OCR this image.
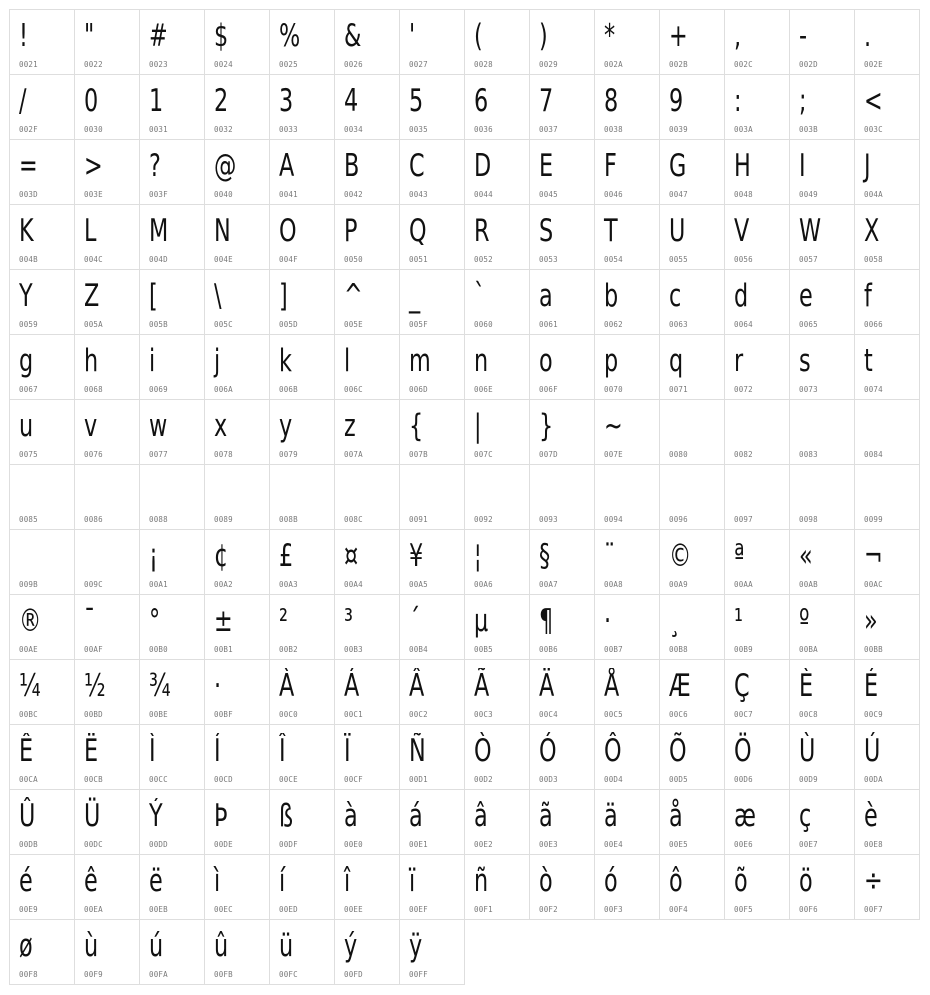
!
0021
"
0022
#
0023
$
0024
%
0025
&
0026
'
0027
(
0028
)
0029
*
002A
+
002B
,
002C
-
002D
.
002E
/
002F
0
0030
1
0031
2
0032
3
0033
4
0034
5
0035
6
0036
7
0037
8
0038
9
0039
:
003A
;
003B
<
003C
=
003D
>
003E
?
003F
@
0040
A
0041
B
0042
C
0043
D
0044
E
0045
F
0046
G
0047
H
0048
I
0049
J
004A
K
004B
L
004C
M
004D
N
004E
O
004F
P
0050
Q
0051
R
0052
S
0053
T
0054
U
0055
V
0056
W
0057
X
0058
Y
0059
Z
005A
[
005B
\
005C
]
005D
^
005E
_
005F
`
0060
a
0061
b
0062
c
0063
d
0064
e
0065
f
0066
g
0067
h
0068
i
0069
j
006A
k
006B
l
006C
m
006D
n
006E
o
006F
p
0070
q
0071
r
0072
s
0073
t
0074
u
0075
v
0076
w
0077
x
0078
y
0079
z
007A
{
007B
|
007C
}
007D
~
007E	0080	0082	0083	0084
0085	0086	0088	0089	008B	008C	0091	0092	0093	0094	0096	0097	0098	0099
009B	009C
¡
00A1
¢
00A2
£
00A3
¤
00A4
¥
00A5
¦
00A6
§
00A7
¨
00A8
©
00A9
ª
00AA
«
00AB
¬
00AC
®
00AE
¯
00AF
°
00B0
±
00B1
²
00B2
³
00B3
´
00B4
µ
00B5
¶
00B6
·
00B7
¸
00B8
¹
00B9
º
00BA
»
00BB
¼
00BC
½
00BD
¾
00BE
·
00BF
À
00C0
Á
00C1
Â
00C2
Ã
00C3
Ä
00C4
Å
00C5
Æ
00C6
Ç
00C7
È
00C8
É
00C9
Ê
00CA
Ë
00CB
Ì
00CC
Í
00CD
Î
00CE
Ï
00CF
Ñ
00D1
Ò
00D2
Ó
00D3
Ô
00D4
Õ
00D5
Ö
00D6
Ù
00D9
Ú
00DA
Û
00DB
Ü
00DC
Ý
00DD
Þ
00DE
ß
00DF
à
00E0
á
00E1
â
00E2
ã
00E3
ä
00E4
å
00E5
æ
00E6
ç
00E7
è
00E8
é
00E9
ê
00EA
ë
00EB
ì
00EC
í
00ED
î
00EE
ï
00EF
ñ
00F1
ò
00F2
ó
00F3
ô
00F4
õ
00F5
ö
00F6
÷
00F7
ø
00F8
ù
00F9
ú
00FA
û
00FB
ü
00FC
ý
00FD
ÿ
00FF
